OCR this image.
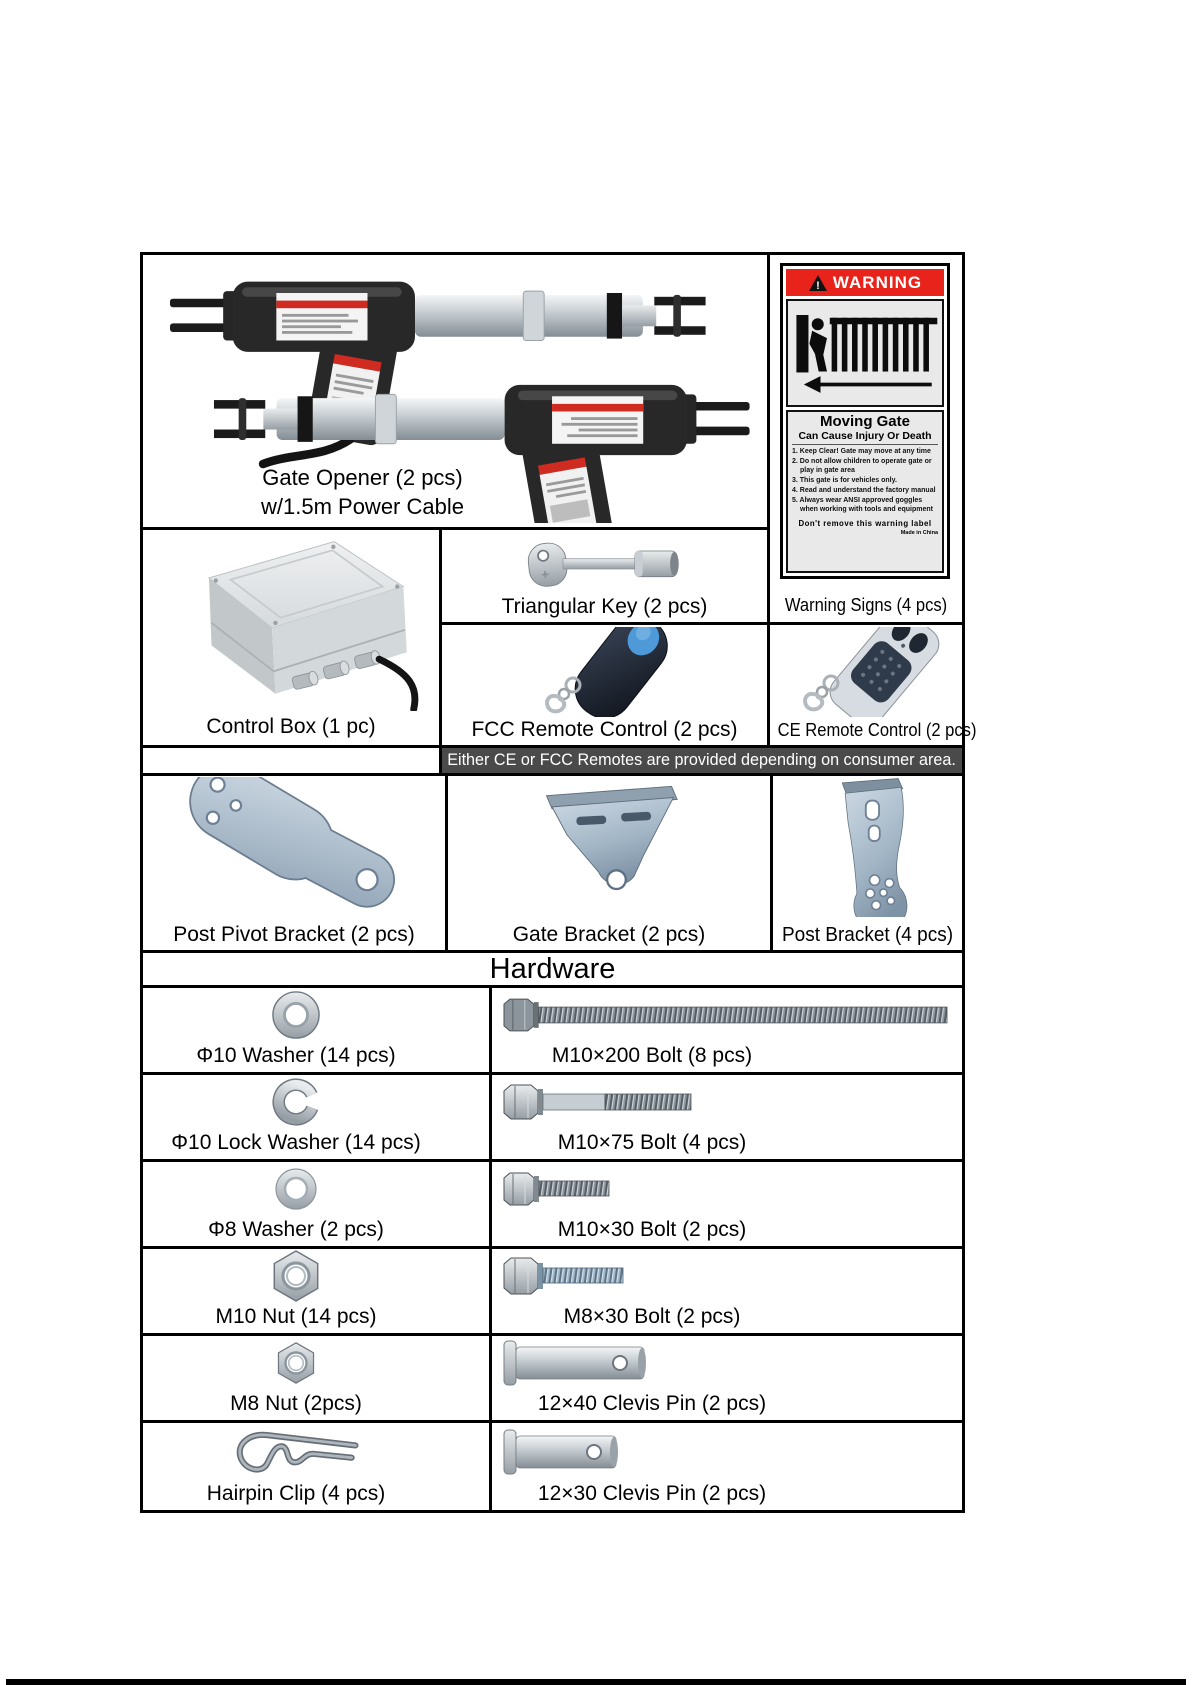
Gate Opener (2 pcs)
w/1.5m Power Cable
! WARNING
Moving Gate
Can Cause Injury Or Death
1. Keep Clear! Gate may move at any time
2. Do not allow children to operate gate or play in gate area
3. This gate is for vehicles only.
4. Read and understand the factory manual
5. Always wear ANSI approved goggles when working with tools and equipment
Don't remove this warning label
Made in China
Warning Signs (4 pcs)
Control Box (1 pc)
Triangular Key (2 pcs)
FCC Remote Control (2 pcs)	CE Remote Control (2 pcs)
Either CE or FCC Remotes are provided depending on consumer area.
Post Pivot Bracket (2 pcs)	Gate Bracket (2 pcs)	Post Bracket (4 pcs)
Hardware
Φ10 Washer (14 pcs)	M10×200 Bolt (8 pcs)
Φ10 Lock Washer (14 pcs)	M10×75 Bolt (4 pcs)
Φ8 Washer (2 pcs)	M10×30 Bolt (2 pcs)
M10 Nut (14 pcs)	M8×30 Bolt (2 pcs)
M8 Nut (2pcs)	12×40 Clevis Pin (2 pcs)
Hairpin Clip (4 pcs)	12×30 Clevis Pin (2 pcs)
